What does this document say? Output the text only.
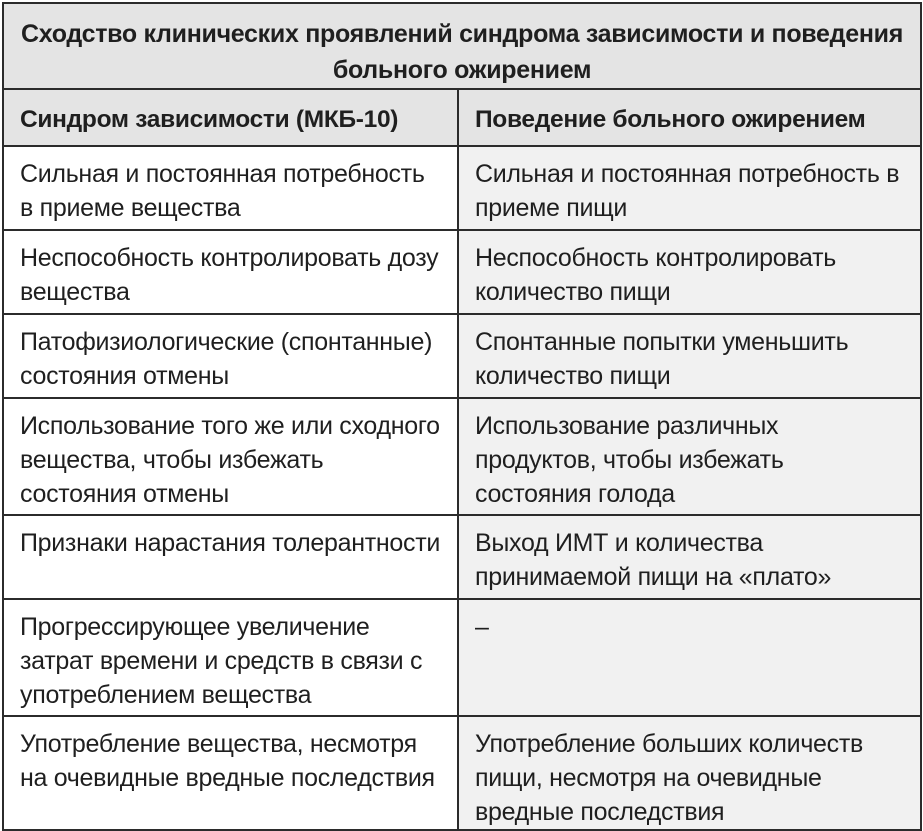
Сходство клинических проявлений синдрома зависимости и поведения больного ожирением	
Синдром зависимости (МКБ-10)	Поведение больного ожирением
Сильная и постоянная потребность в приеме вещества	Сильная и постоянная потребность в приеме пищи
Неспособность контролировать дозу вещества	Неспособность контролировать количество пищи
Патофизиологические (спонтанные) состояния отмены	Спонтанные попытки уменьшить количество пищи
Использование того же или сходного вещества, чтобы избежать состояния отмены	Использование различных продуктов, чтобы избежать состояния голода
Признаки нарастания толерантности	Выход ИМТ и количества принимаемой пищи на «плато»
Прогрессирующее увеличение затрат времени и средств в связи с употреблением вещества	–
Употребление вещества, несмотря на очевидные вредные последствия	Употребление больших количеств пищи, несмотря на очевидные вредные последствия
